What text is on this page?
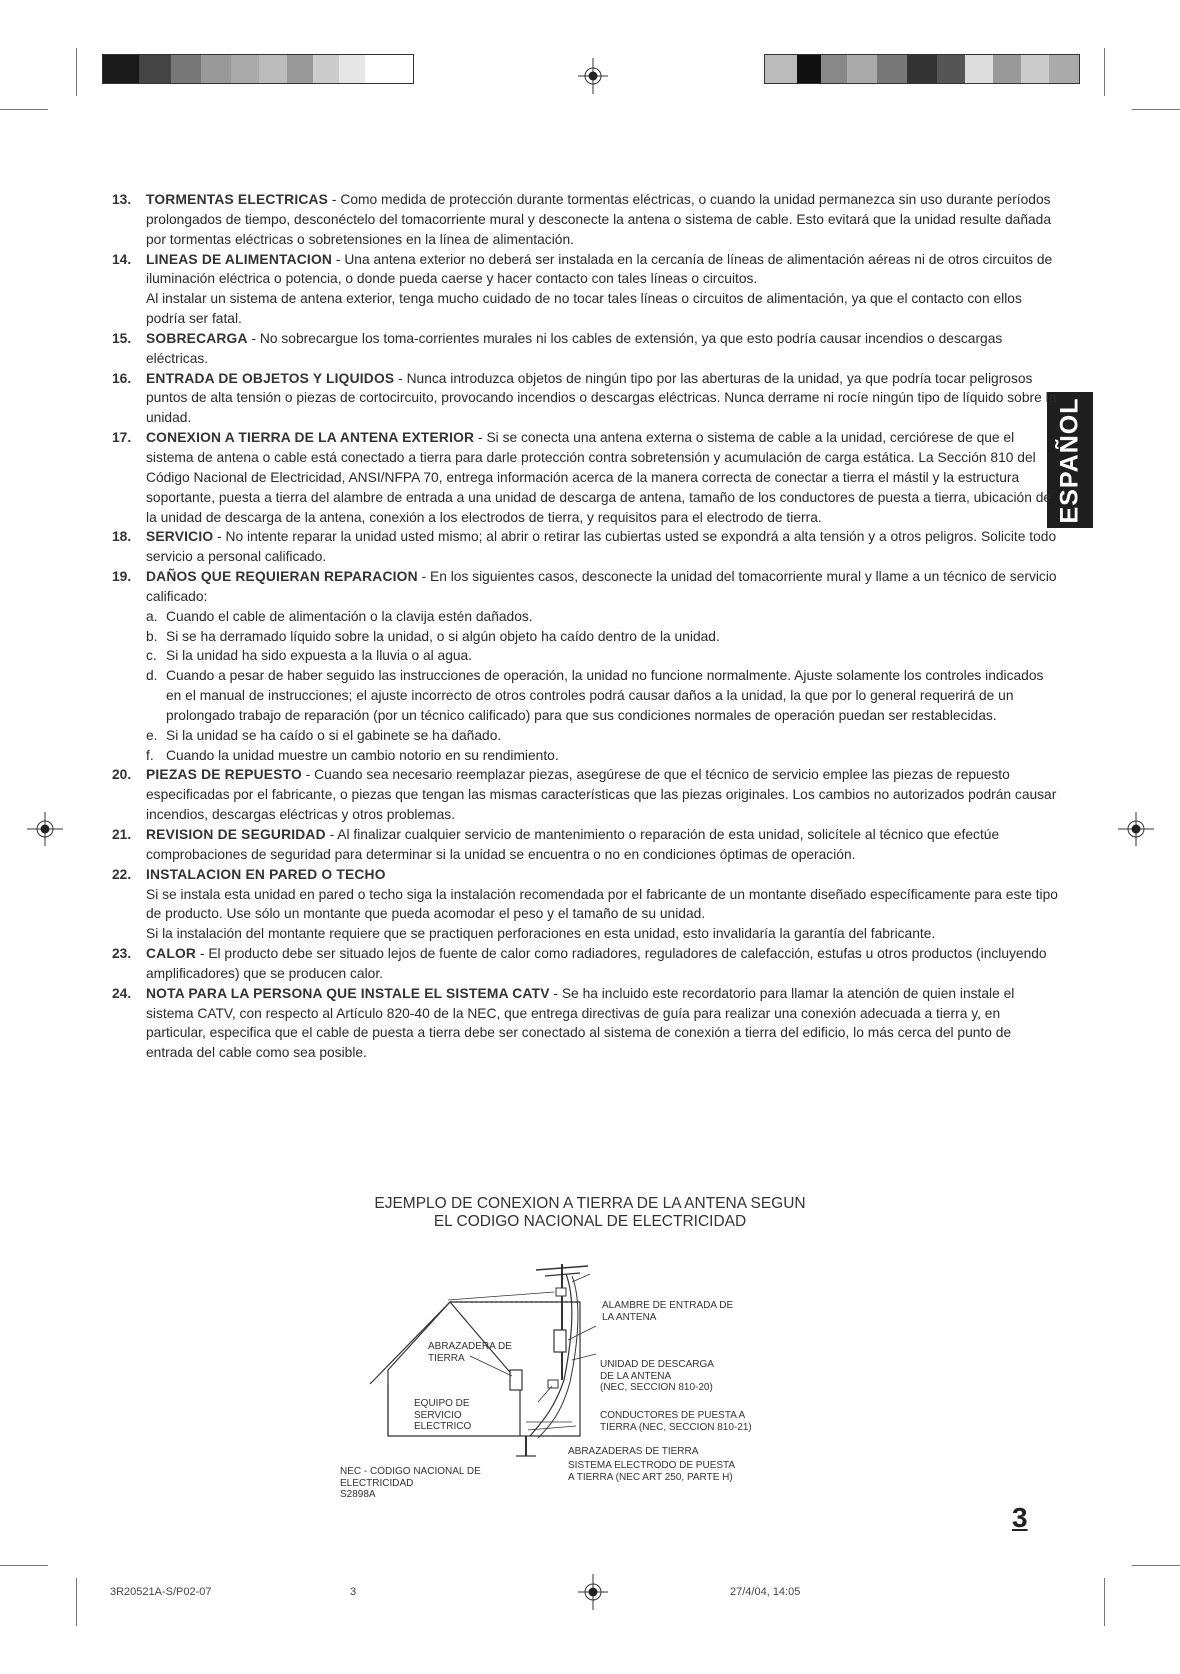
ESPAÑOL
13. TORMENTAS ELECTRICAS - Como medida de protección durante tormentas eléctricas, o cuando la unidad permanezca sin uso durante períodos prolongados de tiempo, desconéctelo del tomacorriente mural y desconecte la antena o sistema de cable. Esto evitará que la unidad resulte dañada por tormentas eléctricas o sobretensiones en la línea de alimentación.
14. LINEAS DE ALIMENTACION - Una antena exterior no deberá ser instalada en la cercanía de líneas de alimentación aéreas ni de otros circuitos de iluminación eléctrica o potencia, o donde pueda caerse y hacer contacto con tales líneas o circuitos.
Al instalar un sistema de antena exterior, tenga mucho cuidado de no tocar tales líneas o circuitos de alimentación, ya que el contacto con ellos podría ser fatal.
15. SOBRECARGA - No sobrecargue los toma-corrientes murales ni los cables de extensión, ya que esto podría causar incendios o descargas eléctricas.
16. ENTRADA DE OBJETOS Y LIQUIDOS - Nunca introduzca objetos de ningún tipo por las aberturas de la unidad, ya que podría tocar peligrosos puntos de alta tensión o piezas de cortocircuito, provocando incendios o descargas eléctricas. Nunca derrame ni rocíe ningún tipo de líquido sobre la unidad.
17. CONEXION A TIERRA DE LA ANTENA EXTERIOR - Si se conecta una antena externa o sistema de cable a la unidad, cerciórese de que el sistema de antena o cable está conectado a tierra para darle protección contra sobretensión y acumulación de carga estática. La Sección 810 del Código Nacional de Electricidad, ANSI/NFPA 70, entrega información acerca de la manera correcta de conectar a tierra el mástil y la estructura soportante, puesta a tierra del alambre de entrada a una unidad de descarga de antena, tamaño de los conductores de puesta a tierra, ubicación de la unidad de descarga de la antena, conexión a los electrodos de tierra, y requisitos para el electrodo de tierra.
18. SERVICIO - No intente reparar la unidad usted mismo; al abrir o retirar las cubiertas usted se expondrá a alta tensión y a otros peligros. Solicite todo servicio a personal calificado.
19. DAÑOS QUE REQUIERAN REPARACION - En los siguientes casos, desconecte la unidad del tomacorriente mural y llame a un técnico de servicio calificado:
a. Cuando el cable de alimentación o la clavija estén dañados.
b. Si se ha derramado líquido sobre la unidad, o si algún objeto ha caído dentro de la unidad.
c. Si la unidad ha sido expuesta a la lluvia o al agua.
d. Cuando a pesar de haber seguido las instrucciones de operación, la unidad no funcione normalmente. Ajuste solamente los controles indicados en el manual de instrucciones; el ajuste incorrecto de otros controles podrá causar daños a la unidad, la que por lo general requerirá de un prolongado trabajo de reparación (por un técnico calificado) para que sus condiciones normales de operación puedan ser restablecidas.
e. Si la unidad se ha caído o si el gabinete se ha dañado.
f. Cuando la unidad muestre un cambio notorio en su rendimiento.
20. PIEZAS DE REPUESTO - Cuando sea necesario reemplazar piezas, asegúrese de que el técnico de servicio emplee las piezas de repuesto especificadas por el fabricante, o piezas que tengan las mismas características que las piezas originales. Los cambios no autorizados podrán causar incendios, descargas eléctricas y otros problemas.
21. REVISION DE SEGURIDAD - Al finalizar cualquier servicio de mantenimiento o reparación de esta unidad, solicítele al técnico que efectúe comprobaciones de seguridad para determinar si la unidad se encuentra o no en condiciones óptimas de operación.
22. INSTALACION EN PARED O TECHO
Si se instala esta unidad en pared o techo siga la instalación recomendada por el fabricante de un montante diseñado específicamente para este tipo de producto. Use sólo un montante que pueda acomodar el peso y el tamaño de su unidad.
Si la instalación del montante requiere que se practiquen perforaciones en esta unidad, esto invalidaría la garantía del fabricante.
23. CALOR - El producto debe ser situado lejos de fuente de calor como radiadores, reguladores de calefacción, estufas u otros productos (incluyendo amplificadores) que se producen calor.
24. NOTA PARA LA PERSONA QUE INSTALE EL SISTEMA CATV - Se ha incluido este recordatorio para llamar la atención de quien instale el sistema CATV, con respecto al Artículo 820-40 de la NEC, que entrega directivas de guía para realizar una conexión adecuada a tierra y, en particular, especifica que el cable de puesta a tierra debe ser conectado al sistema de conexión a tierra del edificio, lo más cerca del punto de entrada del cable como sea posible.
EJEMPLO DE CONEXION A TIERRA DE LA ANTENA SEGUN
EL CODIGO NACIONAL DE ELECTRICIDAD
ALAMBRE DE ENTRADA DE
LA ANTENA
ABRAZADERA DE
TIERRA
UNIDAD DE DESCARGA
DE LA ANTENA
(NEC, SECCION 810-20)
EQUIPO DE
SERVICIO
ELECTRICO
CONDUCTORES DE PUESTA A
TIERRA (NEC, SECCION 810-21)
ABRAZADERAS DE TIERRA
SISTEMA ELECTRODO DE PUESTA
A TIERRA (NEC ART 250, PARTE H)
NEC - CODIGO NACIONAL DE
ELECTRICIDAD
S2898A
3
3R20521A-S/P02-07	3	27/4/04, 14:05
